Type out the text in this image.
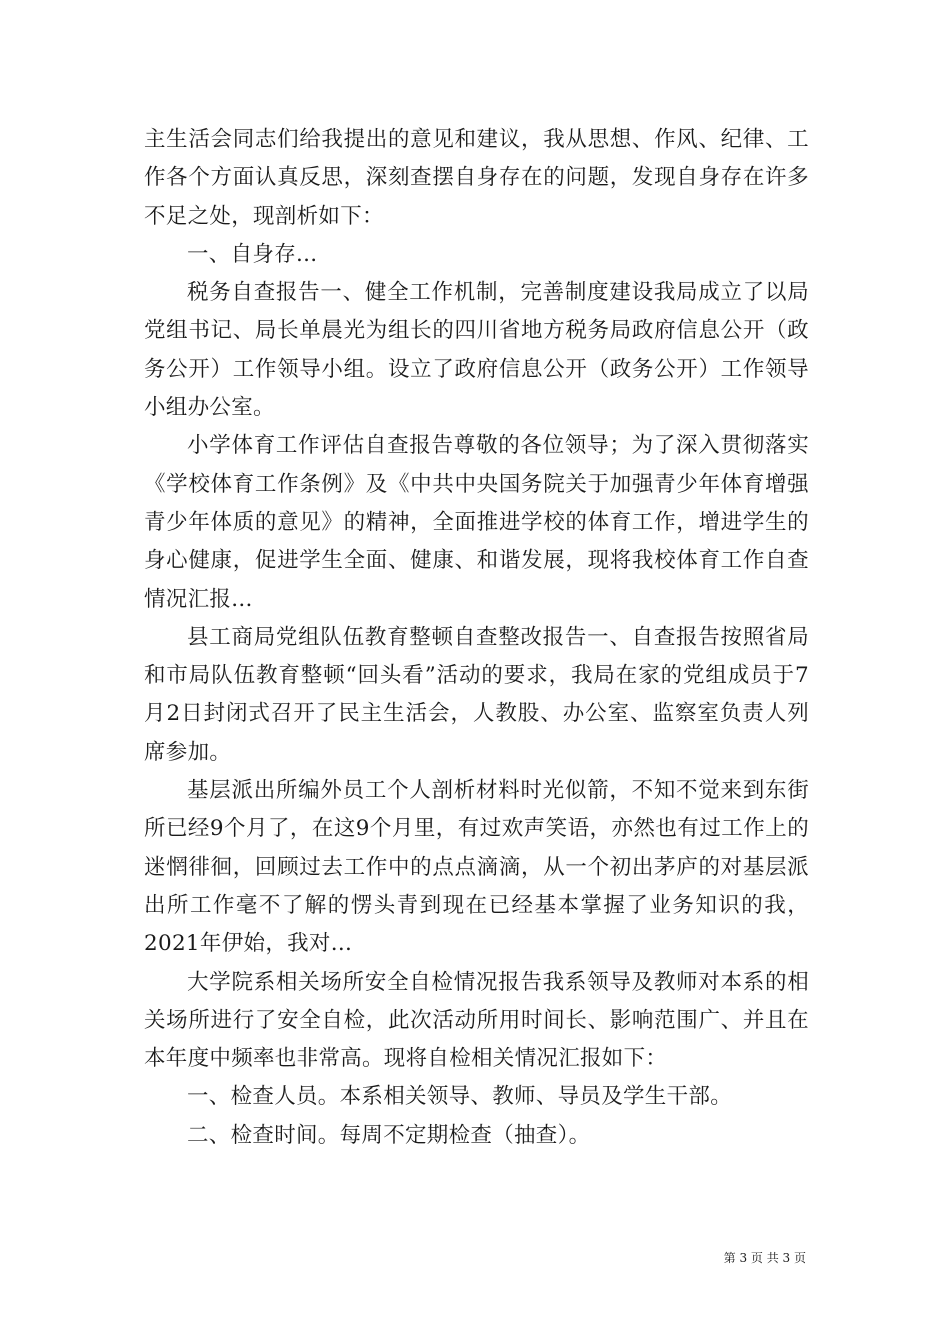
主生活会同志们给我提出的意见和建议，我从思想、作风、纪律、工作各个方面认真反思，深刻查摆自身存在的问题，发现自身存在许多不足之处，现剖析如下：

一、自身存...

税务自查报告一、健全工作机制，完善制度建设我局成立了以局党组书记、局长单晨光为组长的四川省地方税务局政府信息公开（政务公开）工作领导小组。设立了政府信息公开（政务公开）工作领导小组办公室。

小学体育工作评估自查报告尊敬的各位领导；为了深入贯彻落实《学校体育工作条例》及《中共中央国务院关于加强青少年体育增强青少年体质的意见》的精神，全面推进学校的体育工作，增进学生的身心健康，促进学生全面、健康、和谐发展，现将我校体育工作自查情况汇报...

县工商局党组队伍教育整顿自查整改报告一、自查报告按照省局和市局队伍教育整顿“回头看”活动的要求，我局在家的党组成员于7月2日封闭式召开了民主生活会，人教股、办公室、监察室负责人列席参加。

基层派出所编外员工个人剖析材料时光似箭，不知不觉来到东街所已经9个月了，在这9个月里，有过欢声笑语，亦然也有过工作上的迷惘徘徊，回顾过去工作中的点点滴滴，从一个初出茅庐的对基层派出所工作毫不了解的愣头青到现在已经基本掌握了业务知识的我，2021年伊始，我对...

大学院系相关场所安全自检情况报告我系领导及教师对本系的相关场所进行了安全自检，此次活动所用时间长、影响范围广、并且在本年度中频率也非常高。现将自检相关情况汇报如下：

一、检查人员。本系相关领导、教师、导员及学生干部。

二、检查时间。每周不定期检查（抽查）。

第 3 页 共 3 页
